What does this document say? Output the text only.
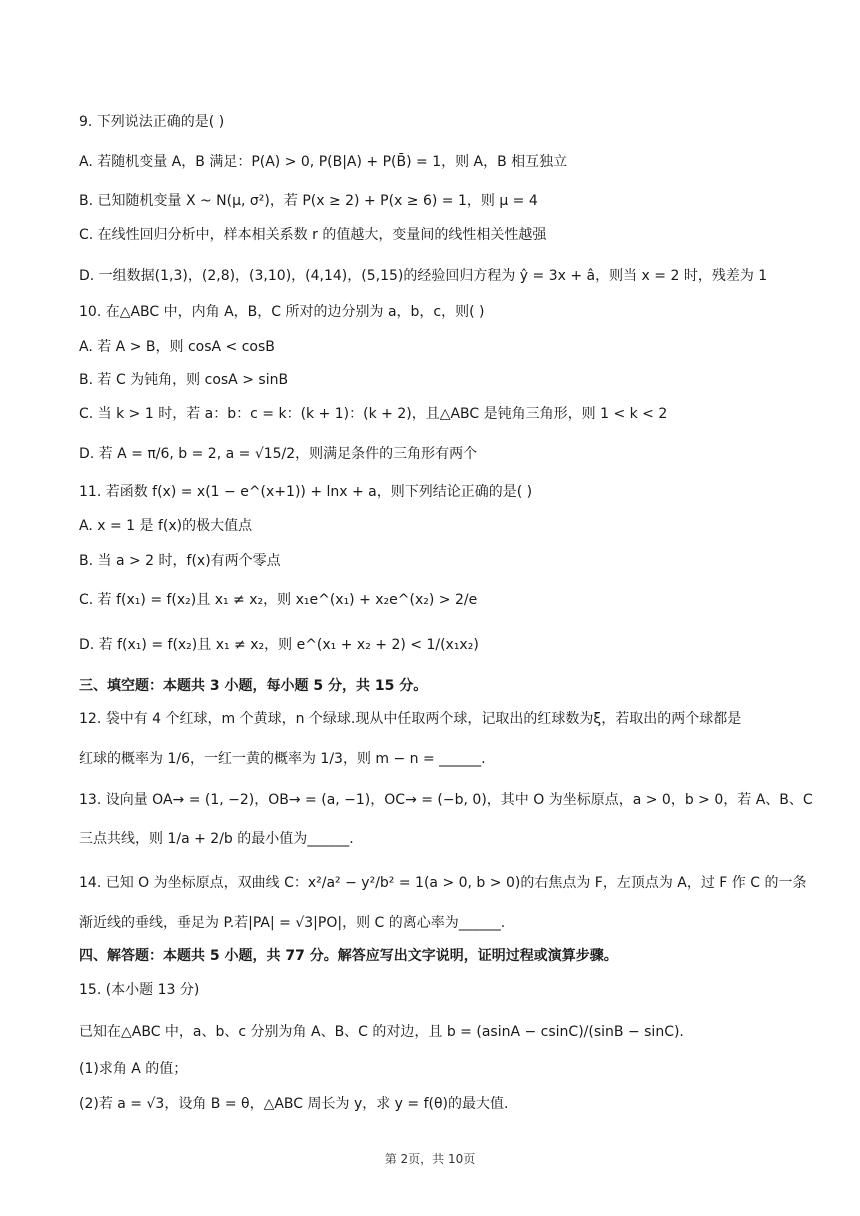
9. 下列说法正确的是( )
A. 若随机变量 A，B 满足：P(A) > 0, P(B|A) + P(B̄) = 1，则 A，B 相互独立
B. 已知随机变量 X ~ N(μ, σ²)，若 P(x ≥ 2) + P(x ≥ 6) = 1，则 μ = 4
C. 在线性回归分析中，样本相关系数 r 的值越大，变量间的线性相关性越强
D. 一组数据(1,3)，(2,8)，(3,10)，(4,14)，(5,15)的经验回归方程为 ŷ = 3x + â，则当 x = 2 时，残差为 1
10. 在△ABC 中，内角 A，B，C 所对的边分别为 a，b，c，则( )
A. 若 A > B，则 cosA < cosB
B. 若 C 为钝角，则 cosA > sinB
C. 当 k > 1 时，若 a：b：c = k：(k + 1)：(k + 2)，且△ABC 是钝角三角形，则 1 < k < 2
D. 若 A = π/6, b = 2, a = √15/2，则满足条件的三角形有两个
11. 若函数 f(x) = x(1 − e^(x+1)) + lnx + a，则下列结论正确的是( )
A. x = 1 是 f(x)的极大值点
B. 当 a > 2 时，f(x)有两个零点
C. 若 f(x₁) = f(x₂)且 x₁ ≠ x₂，则 x₁e^(x₁) + x₂e^(x₂) > 2/e
D. 若 f(x₁) = f(x₂)且 x₁ ≠ x₂，则 e^(x₁ + x₂ + 2) < 1/(x₁x₂)
三、填空题：本题共 3 小题，每小题 5 分，共 15 分。
12. 袋中有 4 个红球，m 个黄球，n 个绿球.现从中任取两个球，记取出的红球数为ξ，若取出的两个球都是
红球的概率为 1/6，一红一黄的概率为 1/3，则 m − n = ______.
13. 设向量 OA→ = (1, −2)，OB→ = (a, −1)，OC→ = (−b, 0)，其中 O 为坐标原点，a > 0，b > 0，若 A、B、C
三点共线，则 1/a + 2/b 的最小值为______.
14. 已知 O 为坐标原点，双曲线 C：x²/a² − y²/b² = 1(a > 0, b > 0)的右焦点为 F，左顶点为 A，过 F 作 C 的一条
渐近线的垂线，垂足为 P.若|PA| = √3|PO|，则 C 的离心率为______.
四、解答题：本题共 5 小题，共 77 分。解答应写出文字说明，证明过程或演算步骤。
15. (本小题 13 分)
已知在△ABC 中，a、b、c 分别为角 A、B、C 的对边，且 b = (asinA − csinC)/(sinB − sinC).
(1)求角 A 的值；
(2)若 a = √3，设角 B = θ，△ABC 周长为 y，求 y = f(θ)的最大值.
第 2页，共 10页
